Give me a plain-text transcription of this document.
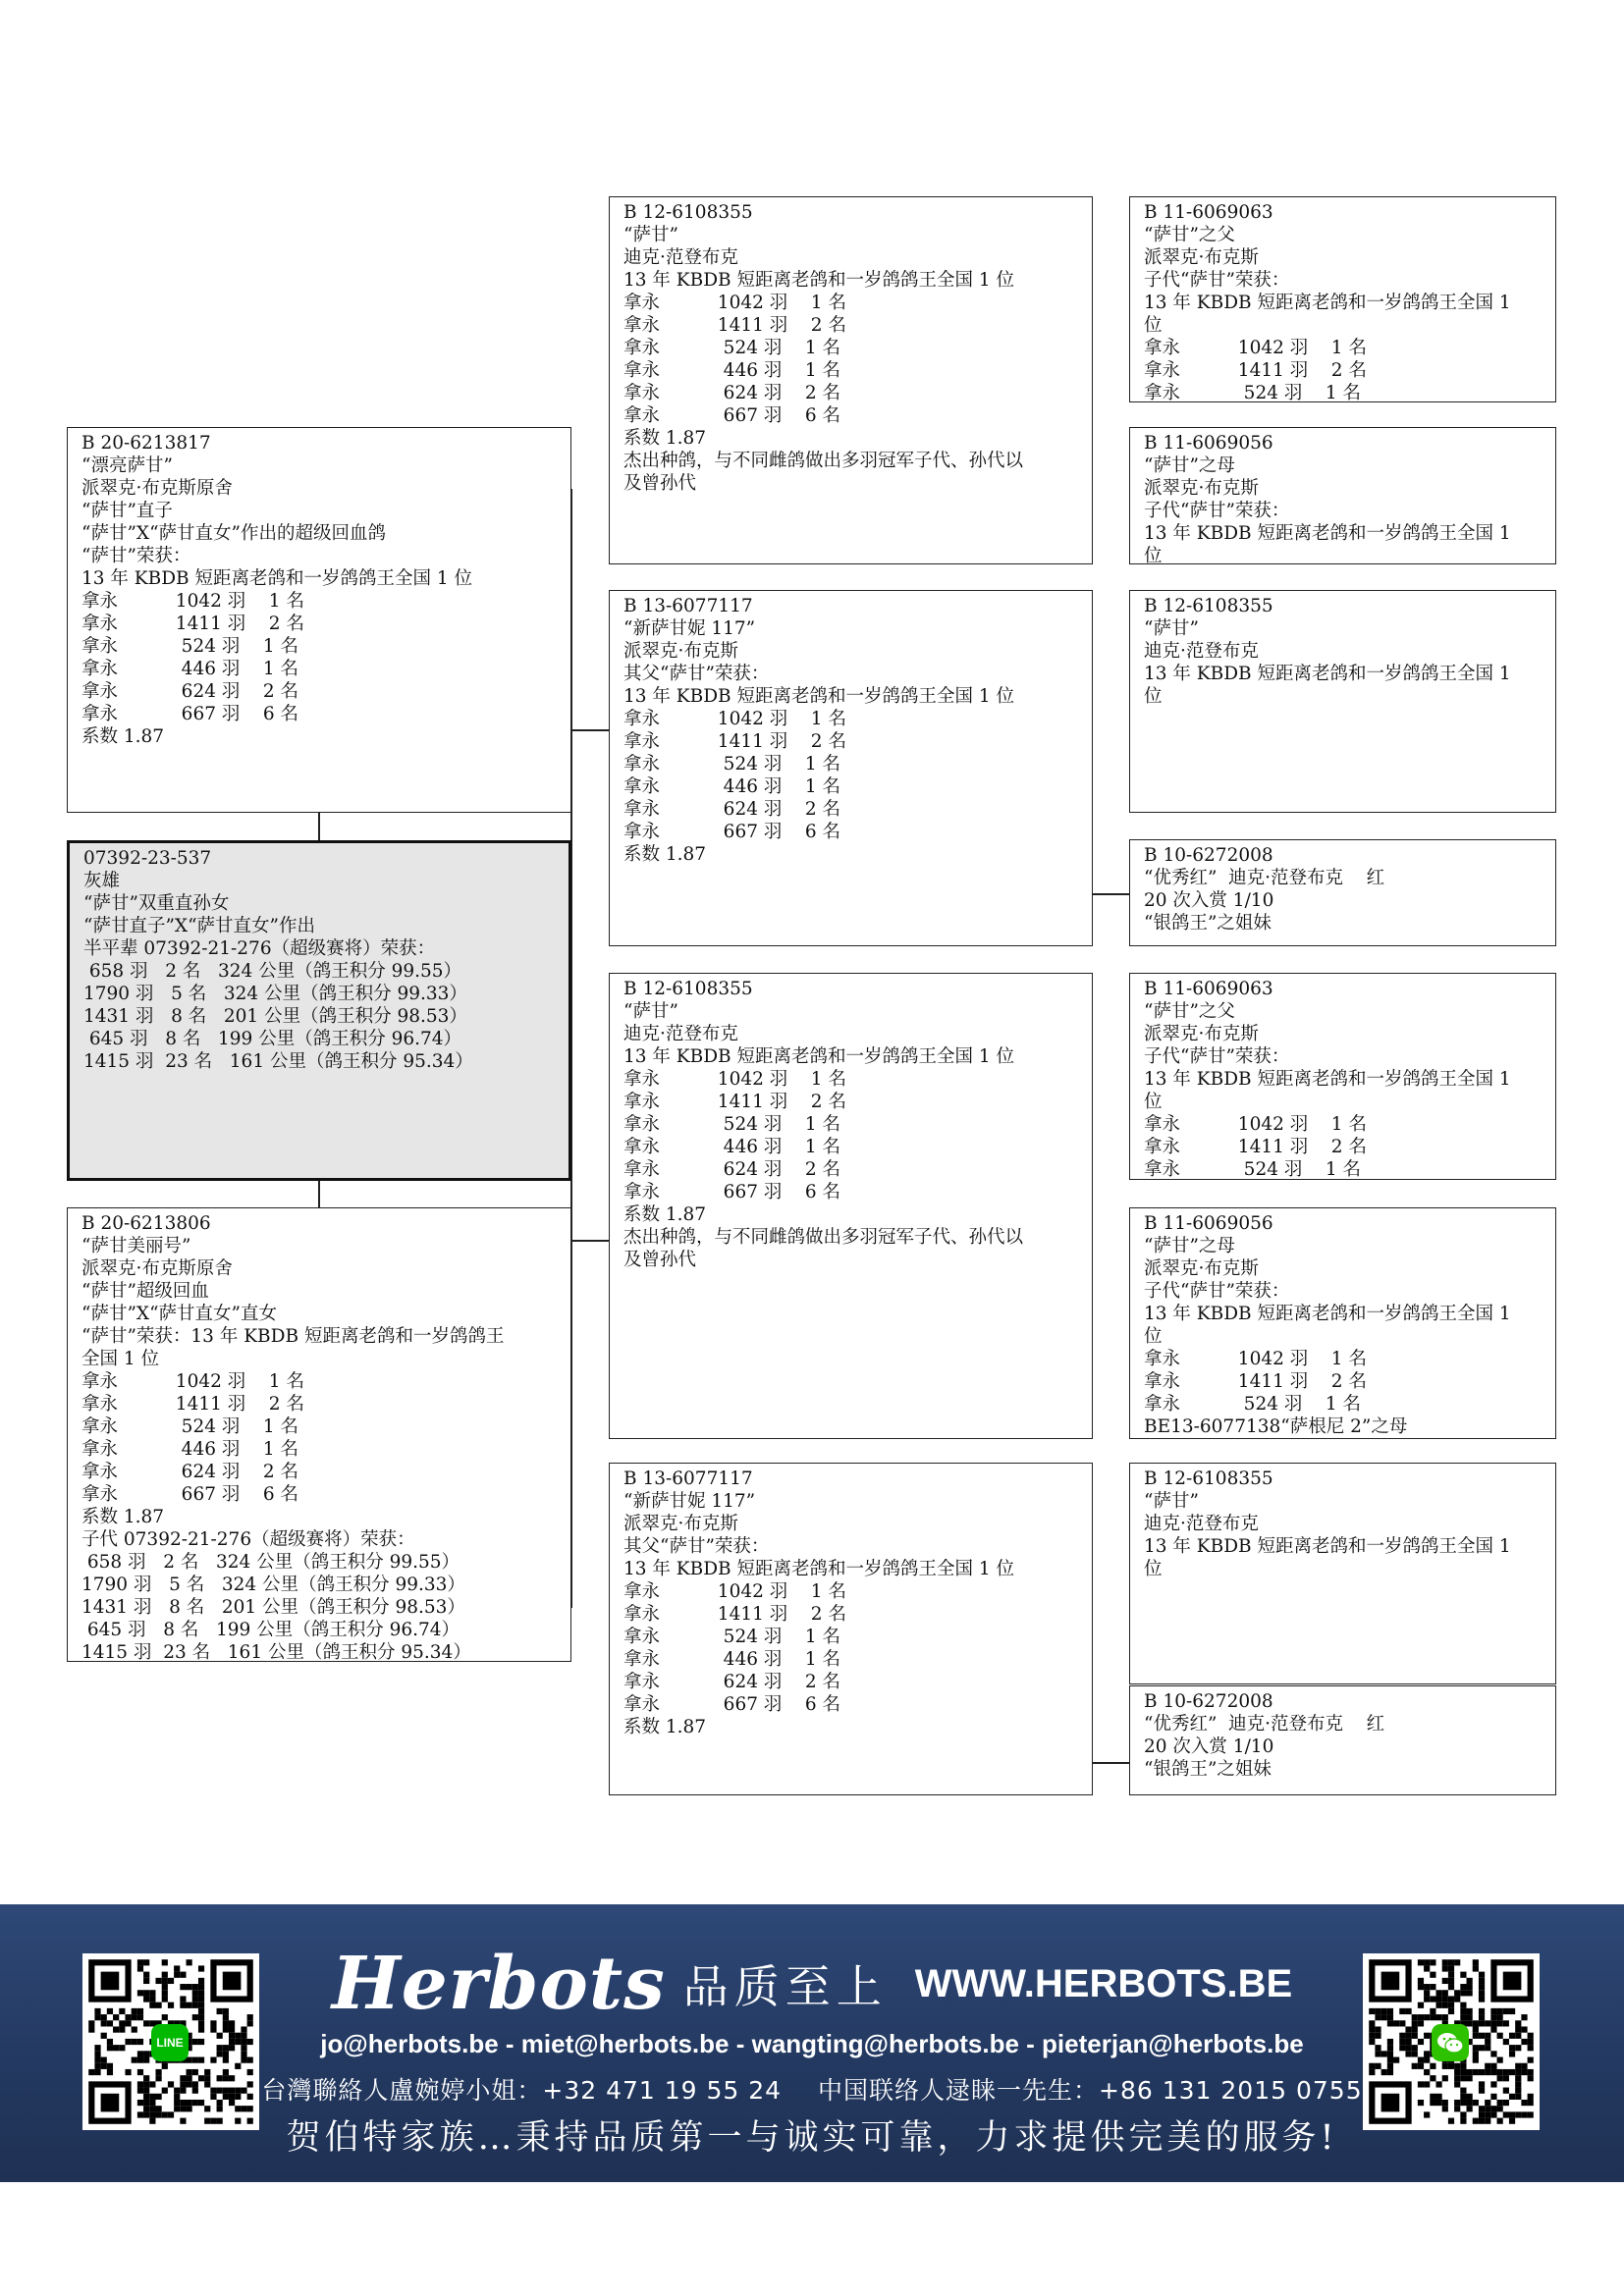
B 20-6213817
“漂亮萨甘”
派翠克·布克斯原舍
“萨甘”直子
“萨甘”X“萨甘直女”作出的超级回血鸽
“萨甘”荣获：
13 年 KBDB 短距离老鸽和一岁鸽鸽王全国 1 位
拿永          1042 羽    1 名
拿永          1411 羽    2 名
拿永           524 羽    1 名
拿永           446 羽    1 名
拿永           624 羽    2 名
拿永           667 羽    6 名
系数 1.87
07392-23-537
灰雄
“萨甘”双重直孙女
“萨甘直子”X“萨甘直女”作出
半平辈 07392-21-276（超级赛将）荣获：
658 羽   2 名   324 公里（鸽王积分 99.55）
1790 羽   5 名   324 公里（鸽王积分 99.33）
1431 羽   8 名   201 公里（鸽王积分 98.53）
645 羽   8 名   199 公里（鸽王积分 96.74）
1415 羽  23 名   161 公里（鸽王积分 95.34）
B 20-6213806
“萨甘美丽号”
派翠克·布克斯原舍
“萨甘”超级回血
“萨甘”X“萨甘直女”直女
“萨甘”荣获：13 年 KBDB 短距离老鸽和一岁鸽鸽王
全国 1 位
拿永          1042 羽    1 名
拿永          1411 羽    2 名
拿永           524 羽    1 名
拿永           446 羽    1 名
拿永           624 羽    2 名
拿永           667 羽    6 名
系数 1.87
子代 07392-21-276（超级赛将）荣获：
658 羽   2 名   324 公里（鸽王积分 99.55）
1790 羽   5 名   324 公里（鸽王积分 99.33）
1431 羽   8 名   201 公里（鸽王积分 98.53）
645 羽   8 名   199 公里（鸽王积分 96.74）
1415 羽  23 名   161 公里（鸽王积分 95.34）
B 12-6108355
“萨甘”
迪克·范登布克
13 年 KBDB 短距离老鸽和一岁鸽鸽王全国 1 位
拿永          1042 羽    1 名
拿永          1411 羽    2 名
拿永           524 羽    1 名
拿永           446 羽    1 名
拿永           624 羽    2 名
拿永           667 羽    6 名
系数 1.87
杰出种鸽，与不同雌鸽做出多羽冠军子代、孙代以
及曾孙代
B 13-6077117
“新萨甘妮 117”
派翠克·布克斯
其父“萨甘”荣获：
13 年 KBDB 短距离老鸽和一岁鸽鸽王全国 1 位
拿永          1042 羽    1 名
拿永          1411 羽    2 名
拿永           524 羽    1 名
拿永           446 羽    1 名
拿永           624 羽    2 名
拿永           667 羽    6 名
系数 1.87
B 12-6108355
“萨甘”
迪克·范登布克
13 年 KBDB 短距离老鸽和一岁鸽鸽王全国 1 位
拿永          1042 羽    1 名
拿永          1411 羽    2 名
拿永           524 羽    1 名
拿永           446 羽    1 名
拿永           624 羽    2 名
拿永           667 羽    6 名
系数 1.87
杰出种鸽，与不同雌鸽做出多羽冠军子代、孙代以
及曾孙代
B 13-6077117
“新萨甘妮 117”
派翠克·布克斯
其父“萨甘”荣获：
13 年 KBDB 短距离老鸽和一岁鸽鸽王全国 1 位
拿永          1042 羽    1 名
拿永          1411 羽    2 名
拿永           524 羽    1 名
拿永           446 羽    1 名
拿永           624 羽    2 名
拿永           667 羽    6 名
系数 1.87
B 11-6069063
“萨甘”之父
派翠克·布克斯
子代“萨甘”荣获：
13 年 KBDB 短距离老鸽和一岁鸽鸽王全国 1
位
拿永          1042 羽    1 名
拿永          1411 羽    2 名
拿永           524 羽    1 名
B 11-6069056
“萨甘”之母
派翠克·布克斯
子代“萨甘”荣获：
13 年 KBDB 短距离老鸽和一岁鸽鸽王全国 1
位
B 12-6108355
“萨甘”
迪克·范登布克
13 年 KBDB 短距离老鸽和一岁鸽鸽王全国 1
位
B 10-6272008
“优秀红”  迪克·范登布克    红
20 次入赏 1/10
“银鸽王”之姐妹
B 11-6069063
“萨甘”之父
派翠克·布克斯
子代“萨甘”荣获：
13 年 KBDB 短距离老鸽和一岁鸽鸽王全国 1
位
拿永          1042 羽    1 名
拿永          1411 羽    2 名
拿永           524 羽    1 名
B 11-6069056
“萨甘”之母
派翠克·布克斯
子代“萨甘”荣获：
13 年 KBDB 短距离老鸽和一岁鸽鸽王全国 1
位
拿永          1042 羽    1 名
拿永          1411 羽    2 名
拿永           524 羽    1 名
BE13-6077138“萨根尼 2”之母
B 12-6108355
“萨甘”
迪克·范登布克
13 年 KBDB 短距离老鸽和一岁鸽鸽王全国 1
位
B 10-6272008
“优秀红”  迪克·范登布克    红
20 次入赏 1/10
“银鸽王”之姐妹
LINE
Herbots 品质至上 WWW.HERBOTS.BE
jo@herbots.be - miet@herbots.be - wangting@herbots.be - pieterjan@herbots.be
台灣聯絡人盧婉婷小姐：+32 471 19 55 24 中国联络人逯睐一先生：+86 131 2015 0755
贺伯特家族…秉持品质第一与诚实可靠，力求提供完美的服务!
